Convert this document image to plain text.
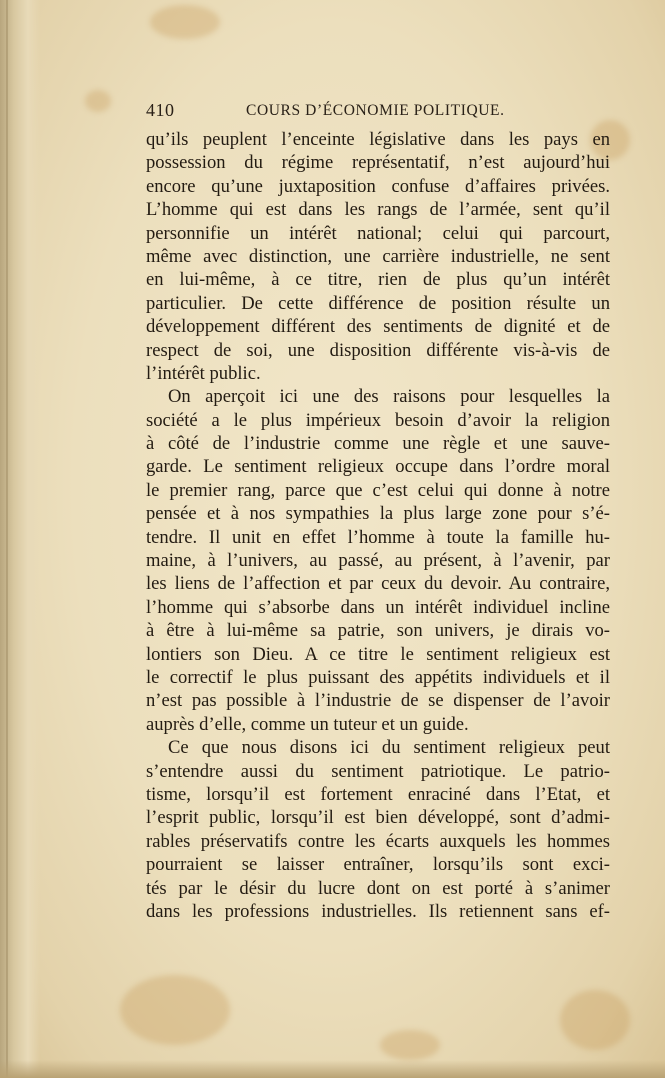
410	COURS D’ÉCONOMIE POLITIQUE.
qu’ils peuplent l’enceinte législative dans les pays en
possession du régime représentatif, n’est aujourd’hui
encore qu’une juxtaposition confuse d’affaires privées.
L’homme qui est dans les rangs de l’armée, sent qu’il
personnifie un intérêt national; celui qui parcourt,
même avec distinction, une carrière industrielle, ne sent
en lui-même, à ce titre, rien de plus qu’un intérêt
particulier. De cette différence de position résulte un
développement différent des sentiments de dignité et de
respect de soi, une disposition différente vis-à-vis de
l’intérêt public.
On aperçoit ici une des raisons pour lesquelles la
société a le plus impérieux besoin d’avoir la religion
à côté de l’industrie comme une règle et une sauve-
garde. Le sentiment religieux occupe dans l’ordre moral
le premier rang, parce que c’est celui qui donne à notre
pensée et à nos sympathies la plus large zone pour s’é-
tendre. Il unit en effet l’homme à toute la famille hu-
maine, à l’univers, au passé, au présent, à l’avenir, par
les liens de l’affection et par ceux du devoir. Au contraire,
l’homme qui s’absorbe dans un intérêt individuel incline
à être à lui-même sa patrie, son univers, je dirais vo-
lontiers son Dieu. A ce titre le sentiment religieux est
le correctif le plus puissant des appétits individuels et il
n’est pas possible à l’industrie de se dispenser de l’avoir
auprès d’elle, comme un tuteur et un guide.
Ce que nous disons ici du sentiment religieux peut
s’entendre aussi du sentiment patriotique. Le patrio-
tisme, lorsqu’il est fortement enraciné dans l’Etat, et
l’esprit public, lorsqu’il est bien développé, sont d’admi-
rables préservatifs contre les écarts auxquels les hommes
pourraient se laisser entraîner, lorsqu’ils sont exci-
tés par le désir du lucre dont on est porté à s’animer
dans les professions industrielles. Ils retiennent sans ef-
